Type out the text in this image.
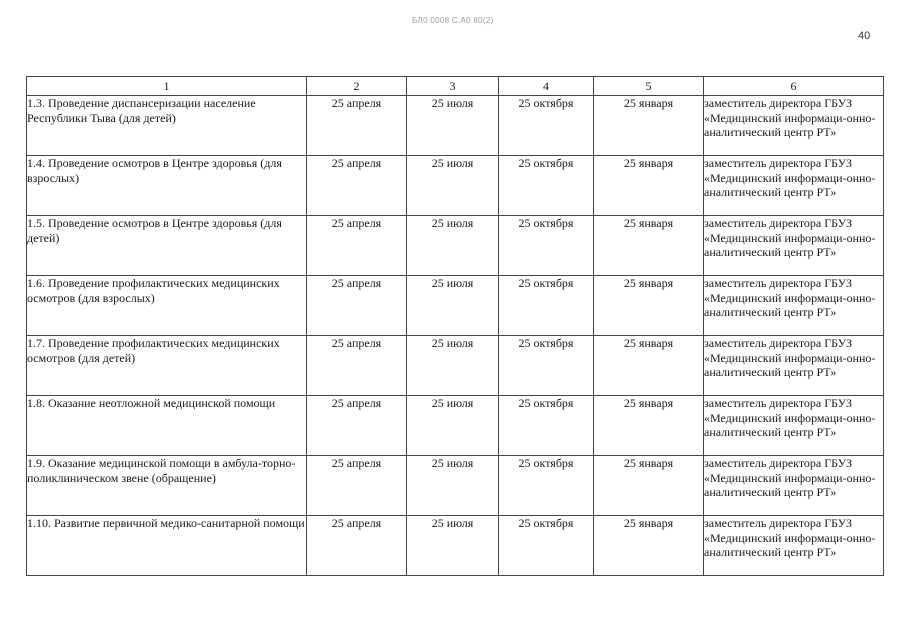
БЛ0 0008 С.А0 80(2)
40
1	2	3	4	5	6
1.3. Проведение диспансеризации население Республики Тыва (для детей)	25 апреля	25 июля	25 октября	25 января	заместитель директора ГБУЗ «Медицинский информаци-онно-аналитический центр РТ»
1.4. Проведение осмотров в Центре здоровья (для взрослых)	25 апреля	25 июля	25 октября	25 января	заместитель директора ГБУЗ «Медицинский информаци-онно-аналитический центр РТ»
1.5. Проведение осмотров в Центре здоровья (для детей)	25 апреля	25 июля	25 октября	25 января	заместитель директора ГБУЗ «Медицинский информаци-онно-аналитический центр РТ»
1.6. Проведение профилактических медицинских осмотров (для взрослых)	25 апреля	25 июля	25 октября	25 января	заместитель директора ГБУЗ «Медицинский информаци-онно-аналитический центр РТ»
1.7. Проведение профилактических медицинских осмотров (для детей)	25 апреля	25 июля	25 октября	25 января	заместитель директора ГБУЗ «Медицинский информаци-онно-аналитический центр РТ»
1.8. Оказание неотложной медицинской помощи	25 апреля	25 июля	25 октября	25 января	заместитель директора ГБУЗ «Медицинский информаци-онно-аналитический центр РТ»
1.9. Оказание медицинской помощи в амбула-торно-поликлиническом звене (обращение)	25 апреля	25 июля	25 октября	25 января	заместитель директора ГБУЗ «Медицинский информаци-онно-аналитический центр РТ»
1.10. Развитие первичной медико-санитарной помощи	25 апреля	25 июля	25 октября	25 января	заместитель директора ГБУЗ «Медицинский информаци-онно-аналитический центр РТ»
